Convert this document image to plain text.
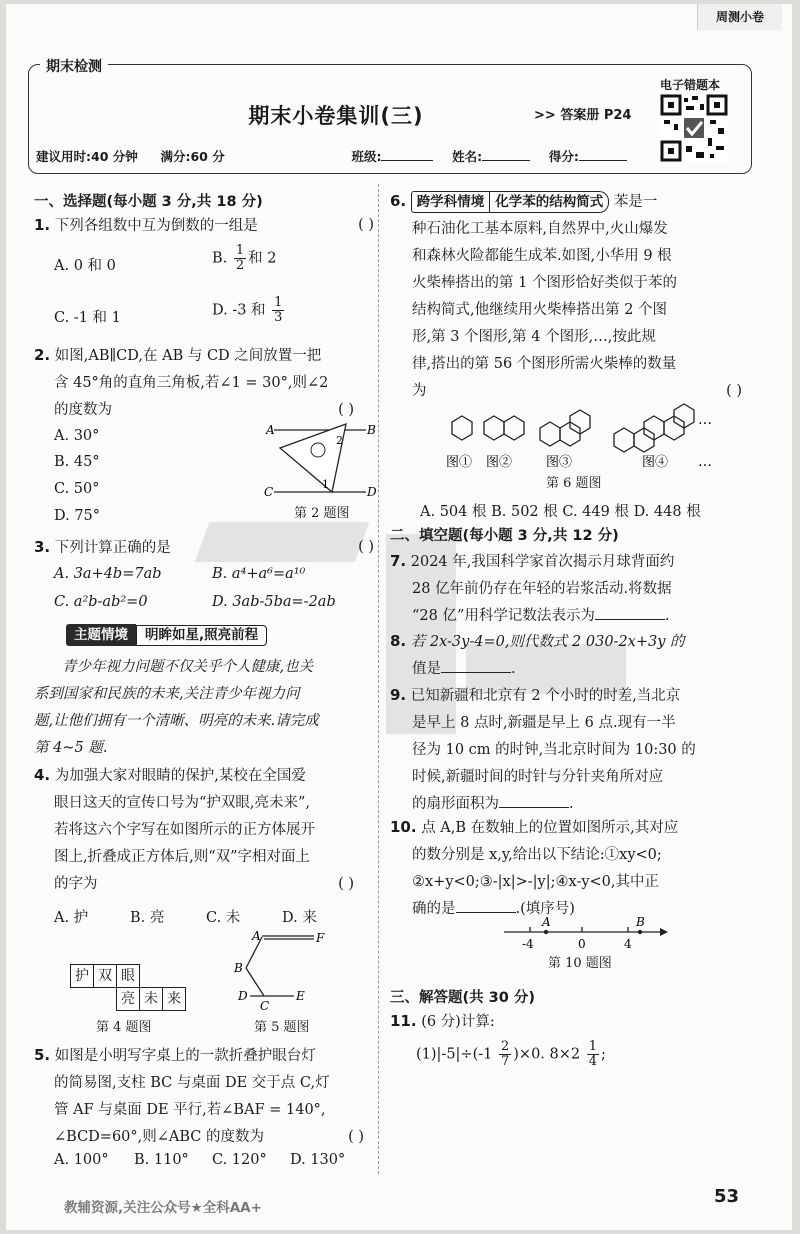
周测小卷
期末检测
期末小卷集训(三)	>> 答案册 P24
电子错题本
建议用时:40 分钟 满分:60 分	班级:	姓名:	得分:
一、选择题(每小题 3 分,共 18 分)
1. 下列各组数中互为倒数的一组是	( )
A. 0 和 0	B. $\frac{1}{2}$ 和 2
C. -1 和 1	D. -3 和 $\frac{1}{3}$
2. 如图,AB∥CD,在 AB 与 CD 之间放置一把
含 45°角的直角三角板,若∠1 = 30°,则∠2
的度数为	( )
A. 30°
B. 45°
C. 50°
D. 75°
A	B
C	D
2
1
第 2 题图
3. 下列计算正确的是	( )
A. 3a+4b=7ab	B. a⁴+a⁶=a¹⁰
C. a²b-ab²=0	D. 3ab-5ba=-2ab
主题情境 明眸如星,照亮前程
青少年视力问题不仅关乎个人健康,也关
系到国家和民族的未来,关注青少年视力问
题,让他们拥有一个清晰、明亮的未来.请完成
第 4~5 题.
4. 为加强大家对眼睛的保护,某校在全国爱
眼日这天的宣传口号为“护双眼,亮未来”,
若将这六个字写在如图所示的正方体展开
图上,折叠成正方体后,则“双”字相对面上
的字为	( )
A. 护	B. 亮	C. 未	D. 来
护 双 眼
亮 未 来
第 4 题图
A	F
B
C
D	E
第 5 题图
5. 如图是小明写字桌上的一款折叠护眼台灯
的简易图,支柱 BC 与桌面 DE 交于点 C,灯
管 AF 与桌面 DE 平行,若∠BAF = 140°,
∠BCD=60°,则∠ABC 的度数为	( )
A. 100° B. 110° C. 120° D. 130°
6. 跨学科情境 化学苯的结构简式 苯是一
种石油化工基本原料,自然界中,火山爆发
和森林火险都能生成苯.如图,小华用 9 根
火柴棒搭出的第 1 个图形恰好类似于苯的
结构简式,他继续用火柴棒搭出第 2 个图
形,第 3 个图形,第 4 个图形,…,按此规
律,搭出的第 56 个图形所需火柴棒的数量
为	( )
…
图① 图②	图③	图④ …
第 6 题图
A. 504 根 B. 502 根 C. 449 根 D. 448 根
二、填空题(每小题 3 分,共 12 分)
7. 2024 年,我国科学家首次揭示月球背面约
28 亿年前仍存在年轻的岩浆活动.将数据
“28 亿”用科学记数法表示为	.
8. 若 2x-3y-4=0,则代数式 2 030-2x+3y 的
值是	.
9. 已知新疆和北京有 2 个小时的时差,当北京
是早上 8 点时,新疆是早上 6 点.现有一半
径为 10 cm 的时钟,当北京时间为 10:30 的
时候,新疆时间的时针与分针夹角所对应
的扇形面积为	.
10. 点 A,B 在数轴上的位置如图所示,其对应
的数分别是 x,y,给出以下结论:①xy<0;
②x+y<0;③-|x|>-|y|;④x-y<0,其中正
确的是	.(填序号)
A	B
-4	0	4
第 10 题图
三、解答题(共 30 分)
11. (6 分)计算:
$(1)|-5|\div(-1 \frac{2}{7} )\times 0$. $8\times 2 \frac{1}{4}$ ;
教辅资源,关注公众号★全科AA+
53
